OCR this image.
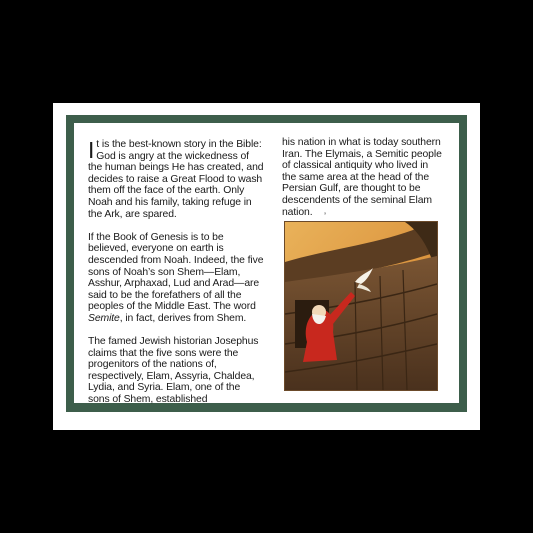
It is the best-known story in the Bible: God is angry at the wickedness of the human beings He has created, and decides to raise a Great Flood to wash them off the face of the earth. Only Noah and his family, taking refuge in the Ark, are spared.

If the Book of Genesis is to be believed, everyone on earth is descended from Noah. Indeed, the five sons of Noah’s son Shem—Elam, Asshur, Arphaxad, Lud and Arad—are said to be the forefathers of all the peoples of the Middle East. The word Semite, in fact, derives from Shem.

The famed Jewish historian Josephus claims that the five sons were the progenitors of the nations of, respectively, Elam, Assyria, Chaldea, Lydia, and Syria. Elam, one of the sons of Shem, established

his nation in what is today southern Iran. The Elymais, a Semitic people of classical antiquity who lived in the same area at the head of the Persian Gulf, are thought to be descendents of the seminal Elam nation.	’
